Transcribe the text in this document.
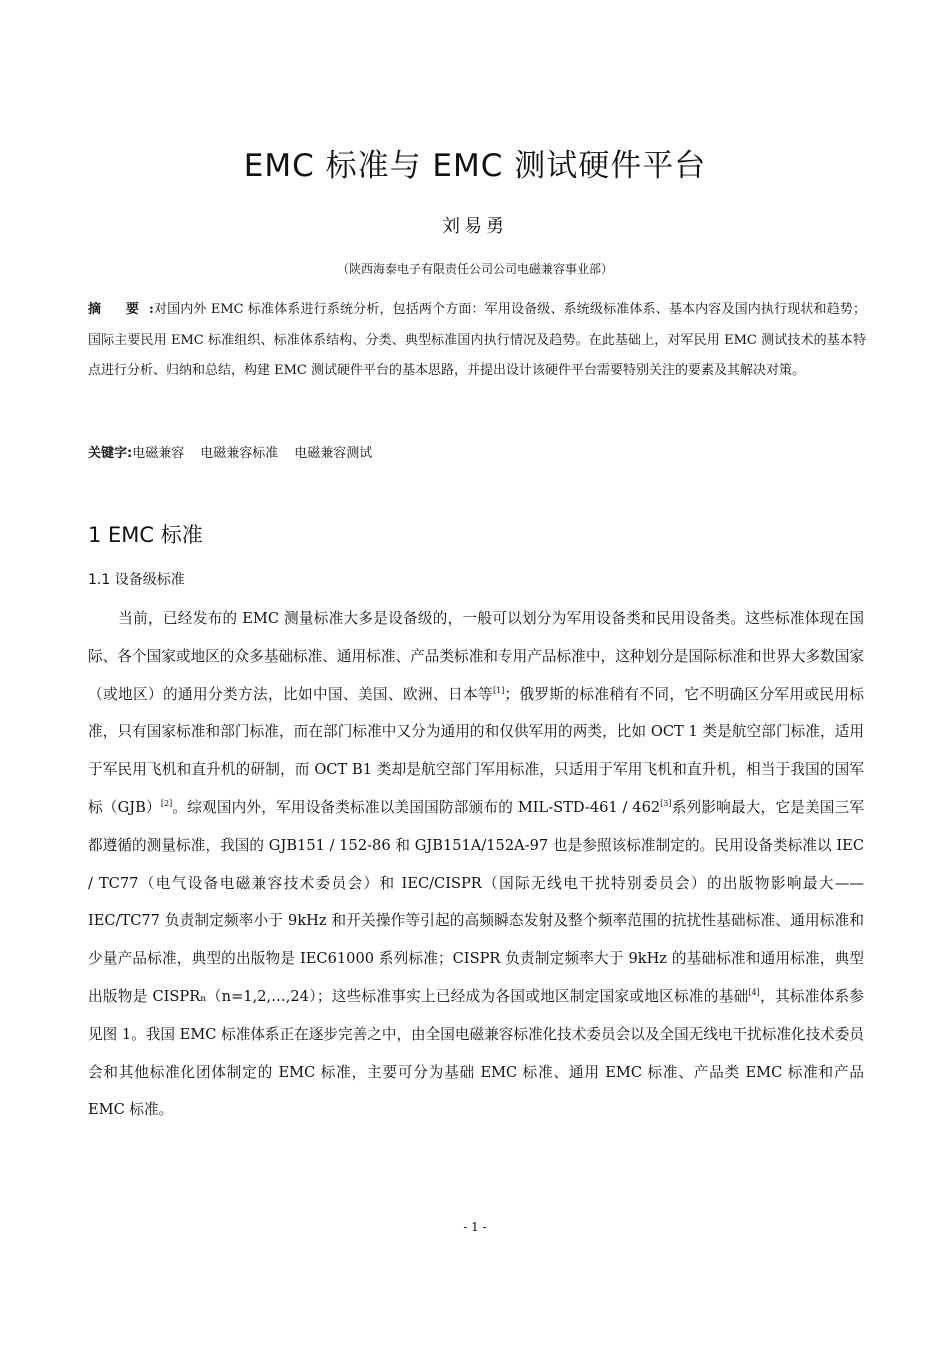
EMC 标准与 EMC 测试硬件平台
刘易勇
（陕西海泰电子有限责任公司公司电磁兼容事业部）
摘 要:对国内外 EMC 标准体系进行系统分析，包括两个方面：军用设备级、系统级标准体系、基本内容及国内执行现状和趋势；国际主要民用 EMC 标准组织、标准体系结构、分类、典型标准国内执行情况及趋势。在此基础上，对军民用 EMC 测试技术的基本特点进行分析、归纳和总结，构建 EMC 测试硬件平台的基本思路，并提出设计该硬件平台需要特别关注的要素及其解决对策。
关键字:电磁兼容 电磁兼容标准 电磁兼容测试
1 EMC 标准
1.1 设备级标准

当前，已经发布的 EMC 测量标准大多是设备级的，一般可以划分为军用设备类和民用设备类。这些标准体现在国际、各个国家或地区的众多基础标准、通用标准、产品类标准和专用产品标准中，这种划分是国际标准和世界大多数国家（或地区）的通用分类方法，比如中国、美国、欧洲、日本等[1]；俄罗斯的标准稍有不同，它不明确区分军用或民用标准，只有国家标准和部门标准，而在部门标准中又分为通用的和仅供军用的两类，比如 OCT 1 类是航空部门标准，适用于军民用飞机和直升机的研制，而 OCT B1 类却是航空部门军用标准，只适用于军用飞机和直升机，相当于我国的国军标（GJB）[2]。综观国内外，军用设备类标准以美国国防部颁布的 MIL-STD-461 / 462[3]系列影响最大，它是美国三军都遵循的测量标准，我国的 GJB151 / 152-86 和 GJB151A/152A-97 也是参照该标准制定的。民用设备类标准以 IEC / TC77（电气设备电磁兼容技术委员会）和 IEC/CISPR（国际无线电干扰特别委员会）的出版物影响最大——IEC/TC77 负责制定频率小于 9kHz 和开关操作等引起的高频瞬态发射及整个频率范围的抗扰性基础标准、通用标准和少量产品标准，典型的出版物是 IEC61000 系列标准；CISPR 负责制定频率大于 9kHz 的基础标准和通用标准，典型出版物是 CISPRₙ（n=1,2,…,24）；这些标准事实上已经成为各国或地区制定国家或地区标准的基础[4]，其标准体系参见图 1。我国 EMC 标准体系正在逐步完善之中，由全国电磁兼容标准化技术委员会以及全国无线电干扰标准化技术委员会和其他标准化团体制定的 EMC 标准，主要可分为基础 EMC 标准、通用 EMC 标准、产品类 EMC 标准和产品 EMC 标准。

- 1 -
